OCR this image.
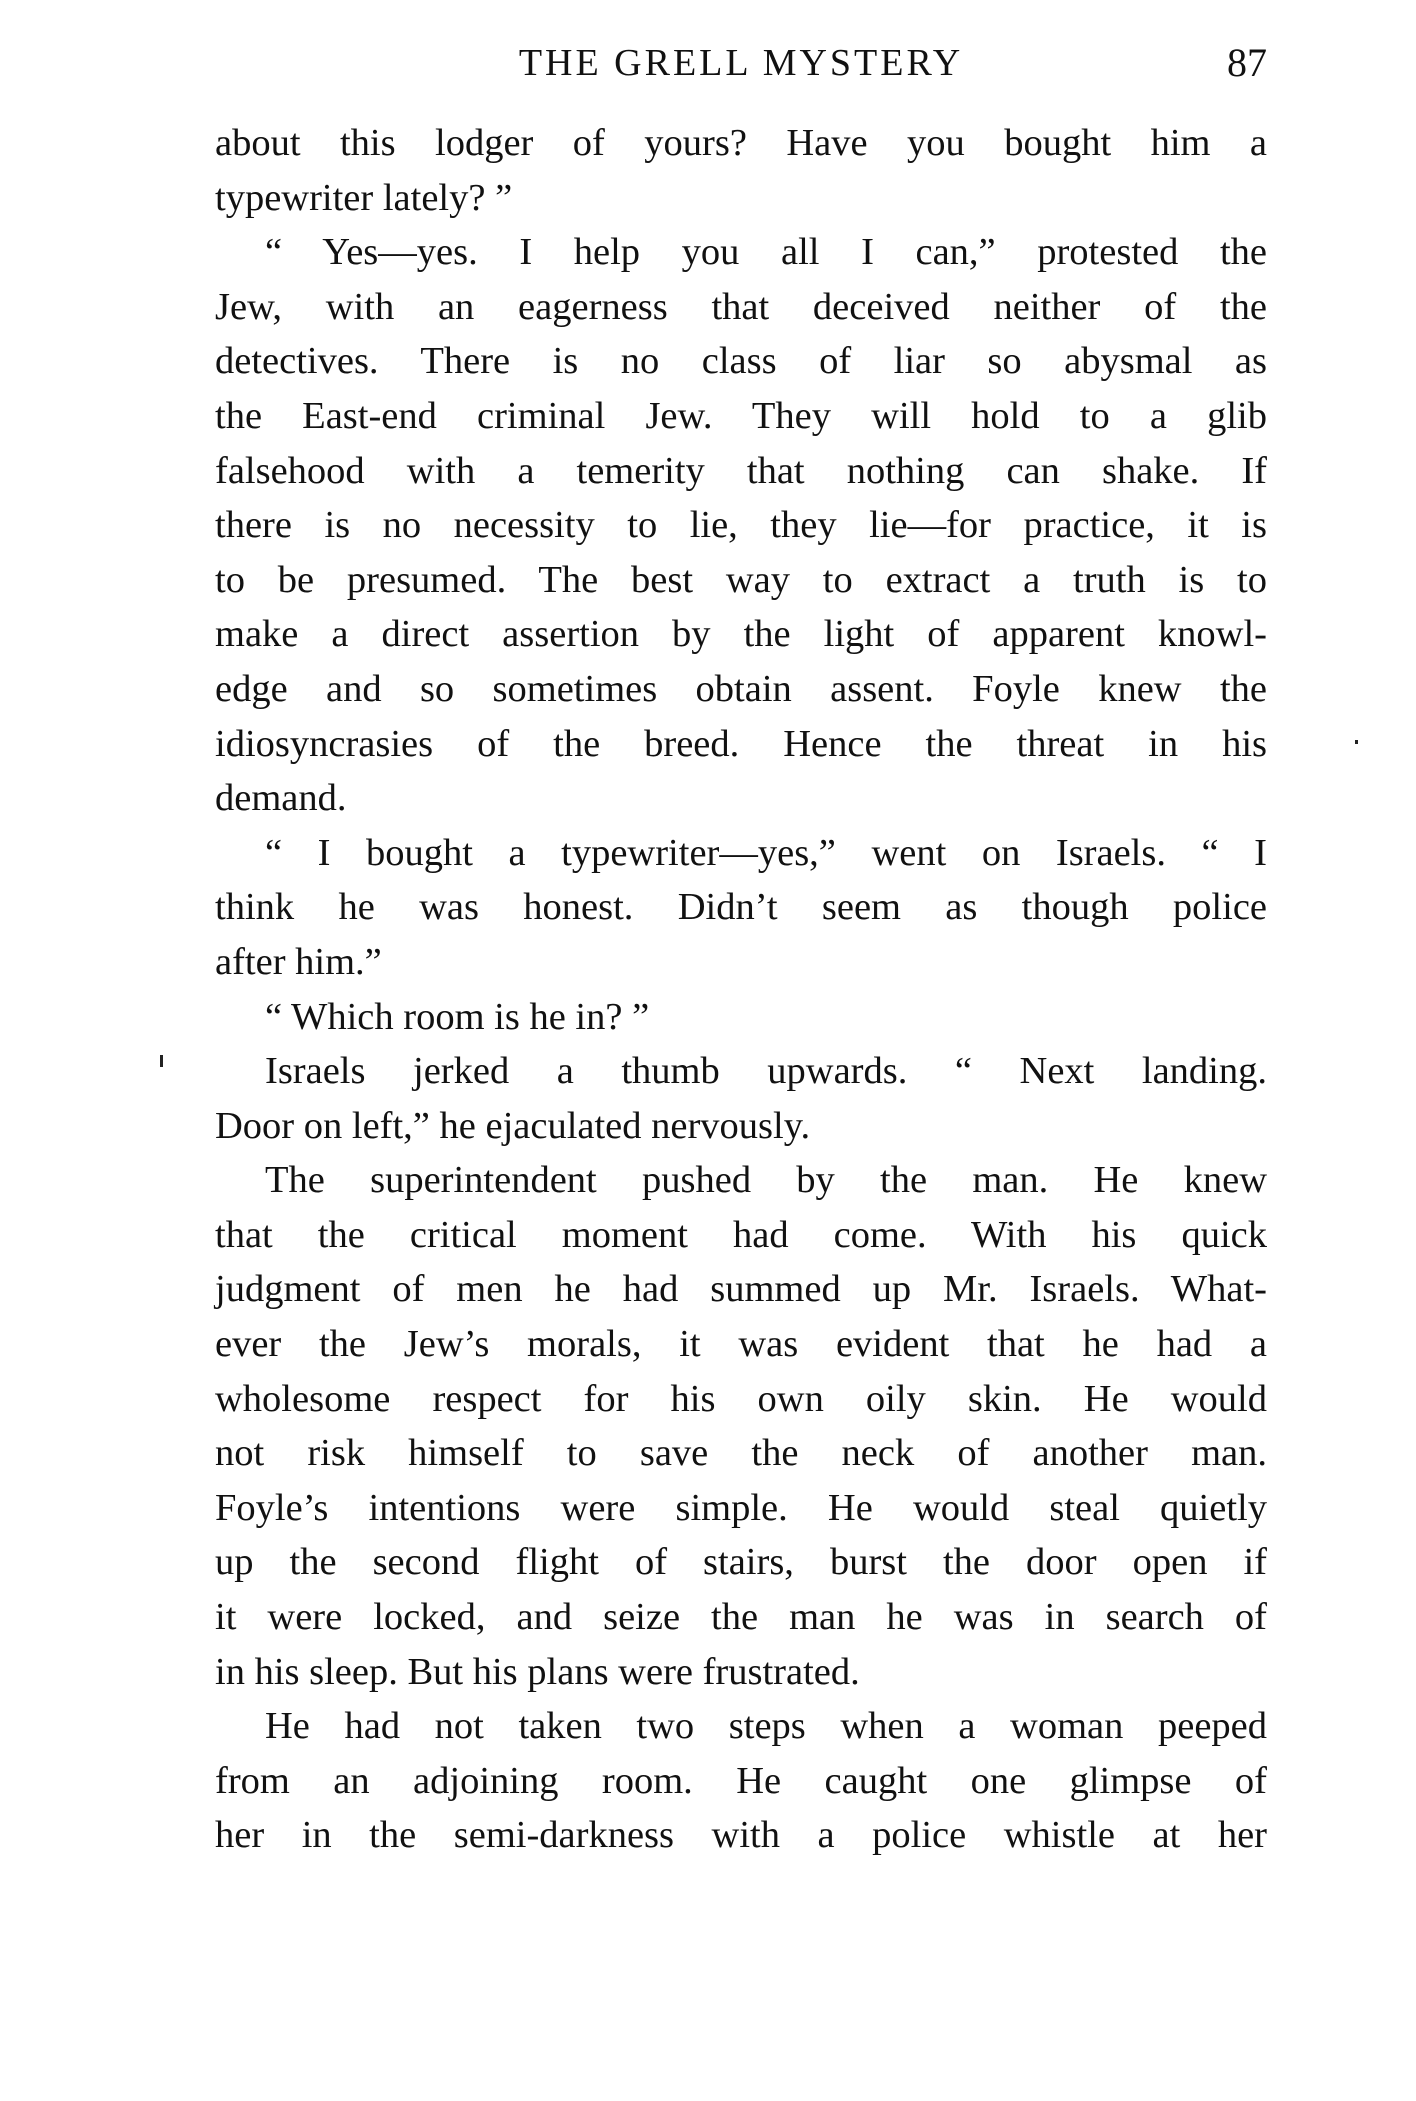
THE GRELL MYSTERY	87
about this lodger of yours? Have you bought him a
typewriter lately? ”
“ Yes—yes. I help you all I can,” protested the
Jew, with an eagerness that deceived neither of the
detectives. There is no class of liar so abysmal as
the East-end criminal Jew. They will hold to a glib
falsehood with a temerity that nothing can shake. If
there is no necessity to lie, they lie—for practice, it is
to be presumed. The best way to extract a truth is to
make a direct assertion by the light of apparent knowl-
edge and so sometimes obtain assent. Foyle knew the
idiosyncrasies of the breed. Hence the threat in his
demand.
“ I bought a typewriter—yes,” went on Israels. “ I
think he was honest. Didn’t seem as though police
after him.”
“ Which room is he in? ”
Israels jerked a thumb upwards. “ Next landing.
Door on left,” he ejaculated nervously.
The superintendent pushed by the man. He knew
that the critical moment had come. With his quick
judgment of men he had summed up Mr. Israels. What-
ever the Jew’s morals, it was evident that he had a
wholesome respect for his own oily skin. He would
not risk himself to save the neck of another man.
Foyle’s intentions were simple. He would steal quietly
up the second flight of stairs, burst the door open if
it were locked, and seize the man he was in search of
in his sleep. But his plans were frustrated.
He had not taken two steps when a woman peeped
from an adjoining room. He caught one glimpse of
her in the semi-darkness with a police whistle at her
